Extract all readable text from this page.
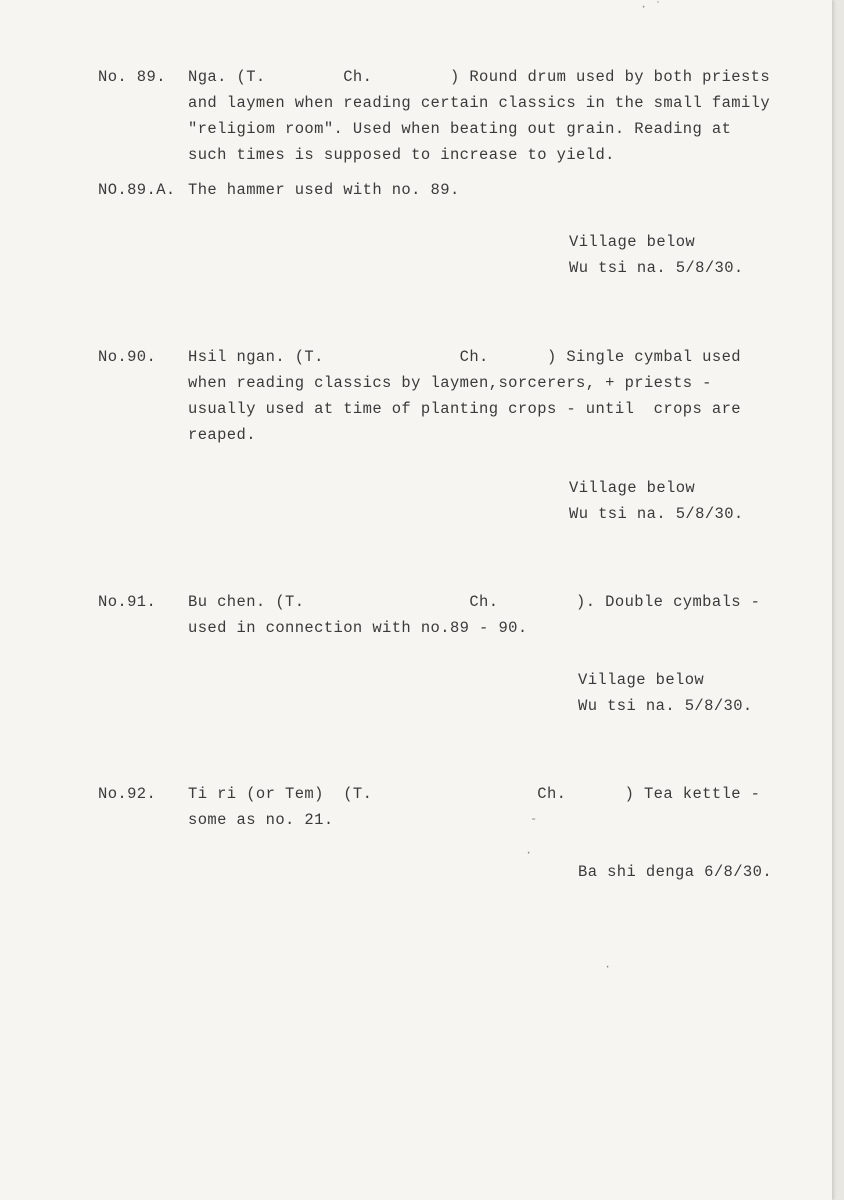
No. 89. Nga. (T.        Ch.        ) Round drum used by both priests
and laymen when reading certain classics in the small family
"religiom room". Used when beating out grain. Reading at
such times is supposed to increase to yield.
NO.89.A. The hammer used with no. 89.
Village below
Wu tsi na. 5/8/30.
No.90. Hsil ngan. (T.              Ch.      ) Single cymbal used
when reading classics by laymen,sorcerers, + priests -
usually used at time of planting crops - until  crops are
reaped.
Village below
Wu tsi na. 5/8/30.
No.91. Bu chen. (T.                 Ch.        ). Double cymbals -
used in connection with no.89 - 90.
Village below
Wu tsi na. 5/8/30.
No.92. Ti ri (or Tem)  (T.                 Ch.      ) Tea kettle -
some as no. 21.
Ba shi denga 6/8/30.
· ˈ
-
·
·
